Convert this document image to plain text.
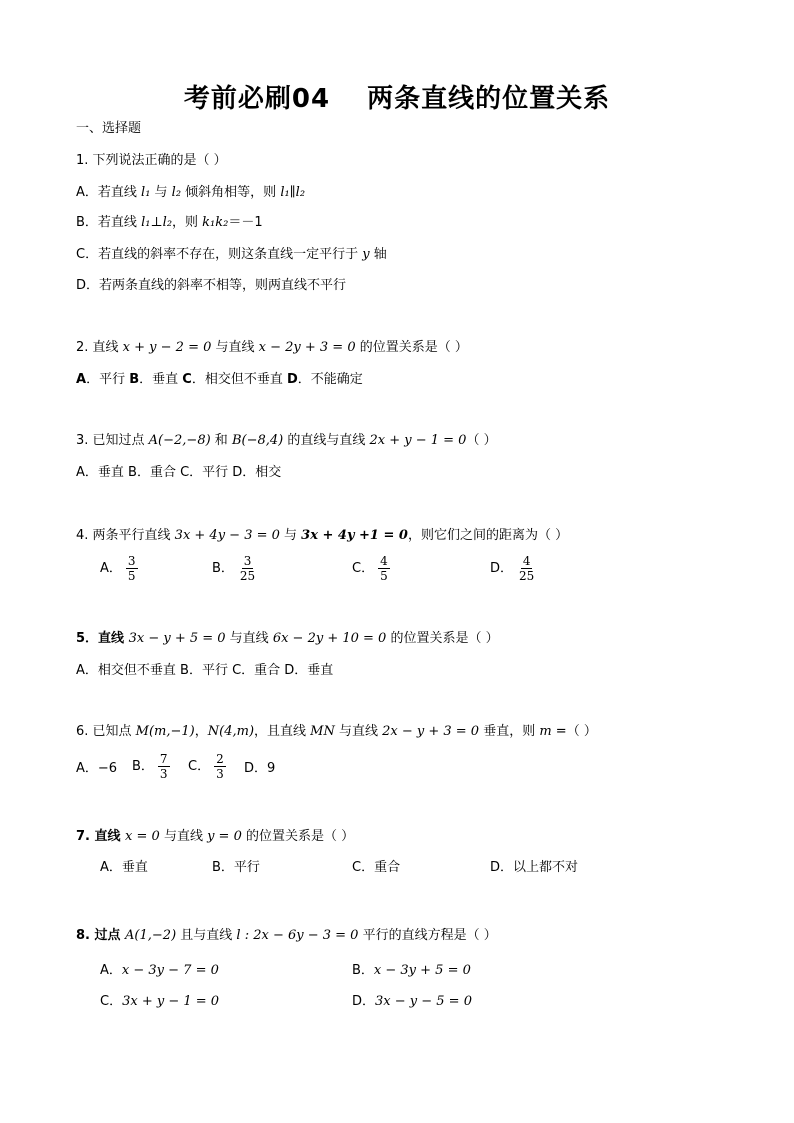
考前必刷04　 两条直线的位置关系
一、选择题
1. 下列说法正确的是（ ）
A．若直线 l₁ 与 l₂ 倾斜角相等，则 l₁∥l₂
B．若直线 l₁⊥l₂，则 k₁k₂＝－1
C．若直线的斜率不存在，则这条直线一定平行于 y 轴
D．若两条直线的斜率不相等，则两直线不平行
2. 直线 x + y − 2 = 0 与直线 x − 2y + 3 = 0 的位置关系是（ ）
A．平行 B．垂直 C．相交但不垂直 D．不能确定
3. 已知过点 A(−2,−8) 和 B(−8,4) 的直线与直线 2x + y − 1 = 0（ ）
A．垂直 B．重合 C．平行 D．相交
4. 两条平行直线 3x + 4y − 3 = 0 与 3x + 4y +1 = 0，则它们之间的距离为（ ）
A． $\frac{3}{5}$	B． $\frac{3}{25}$	C． $\frac{4}{5}$	D． $\frac{4}{25}$
5．直线 3x − y + 5 = 0 与直线 6x − 2y + 10 = 0 的位置关系是（ ）
A．相交但不垂直 B．平行 C．重合 D．垂直
6. 已知点 M(m,−1)，N(4,m)，且直线 MN 与直线 2x − y + 3 = 0 垂直，则 m =（ ）
A．−6 B． $\frac{7}{3}$ C． $\frac{2}{3}$ D．9
7. 直线 x = 0 与直线 y = 0 的位置关系是（ ）
A．垂直	B．平行	C．重合	D．以上都不对
8. 过点 A(1,−2) 且与直线 l : 2x − 6y − 3 = 0 平行的直线方程是（ ）
A．x − 3y − 7 = 0	B．x − 3y + 5 = 0
C．3x + y − 1 = 0	D．3x − y − 5 = 0
